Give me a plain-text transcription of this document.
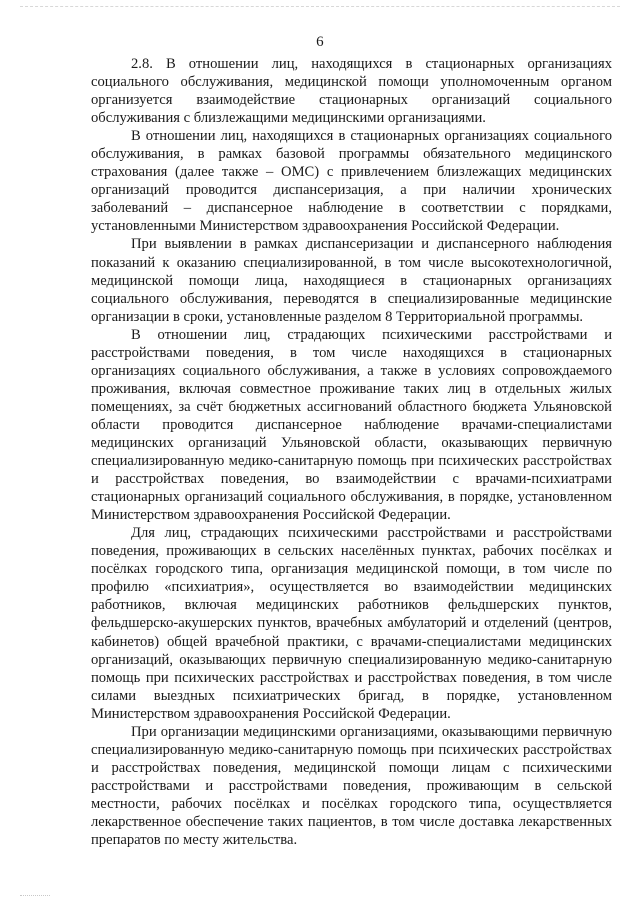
6

2.8. В отношении лиц, находящихся в стационарных организациях социального обслуживания, медицинской помощи уполномоченным органом организуется взаимодействие стационарных организаций социального обслуживания с близлежащими медицинскими организациями.

В отношении лиц, находящихся в стационарных организациях социального обслуживания, в рамках базовой программы обязательного медицинского страхования (далее также – ОМС) с привлечением близлежащих медицинских организаций проводится диспансеризация, а при наличии хронических заболеваний – диспансерное наблюдение в соответствии с порядками, установленными Министерством здравоохранения Российской Федерации.

При выявлении в рамках диспансеризации и диспансерного наблюдения показаний к оказанию специализированной, в том числе высокотехнологичной, медицинской помощи лица, находящиеся в стационарных организациях социального обслуживания, переводятся в специализированные медицинские организации в сроки, установленные разделом 8 Территориальной программы.

В отношении лиц, страдающих психическими расстройствами и расстройствами поведения, в том числе находящихся в стационарных организациях социального обслуживания, а также в условиях сопровождаемого проживания, включая совместное проживание таких лиц в отдельных жилых помещениях, за счёт бюджетных ассигнований областного бюджета Ульяновской области проводится диспансерное наблюдение врачами-специалистами медицинских организаций Ульяновской области, оказывающих первичную специализированную медико-санитарную помощь при психических расстройствах и расстройствах поведения, во взаимодействии с врачами-психиатрами стационарных организаций социального обслуживания, в порядке, установленном Министерством здравоохранения Российской Федерации.

Для лиц, страдающих психическими расстройствами и расстройствами поведения, проживающих в сельских населённых пунктах, рабочих посёлках и посёлках городского типа, организация медицинской помощи, в том числе по профилю «психиатрия», осуществляется во взаимодействии медицинских работников, включая медицинских работников фельдшерских пунктов, фельдшерско-акушерских пунктов, врачебных амбулаторий и отделений (центров, кабинетов) общей врачебной практики, с врачами-специалистами медицинских организаций, оказывающих первичную специализированную медико-санитарную помощь при психических расстройствах и расстройствах поведения, в том числе силами выездных психиатрических бригад, в порядке, установленном Министерством здравоохранения Российской Федерации.

При организации медицинскими организациями, оказывающими первичную специализированную медико-санитарную помощь при психических расстройствах и расстройствах поведения, медицинской помощи лицам с психическими расстройствами и расстройствами поведения, проживающим в сельской местности, рабочих посёлках и посёлках городского типа, осуществляется лекарственное обеспечение таких пациентов, в том числе доставка лекарственных препаратов по месту жительства.
